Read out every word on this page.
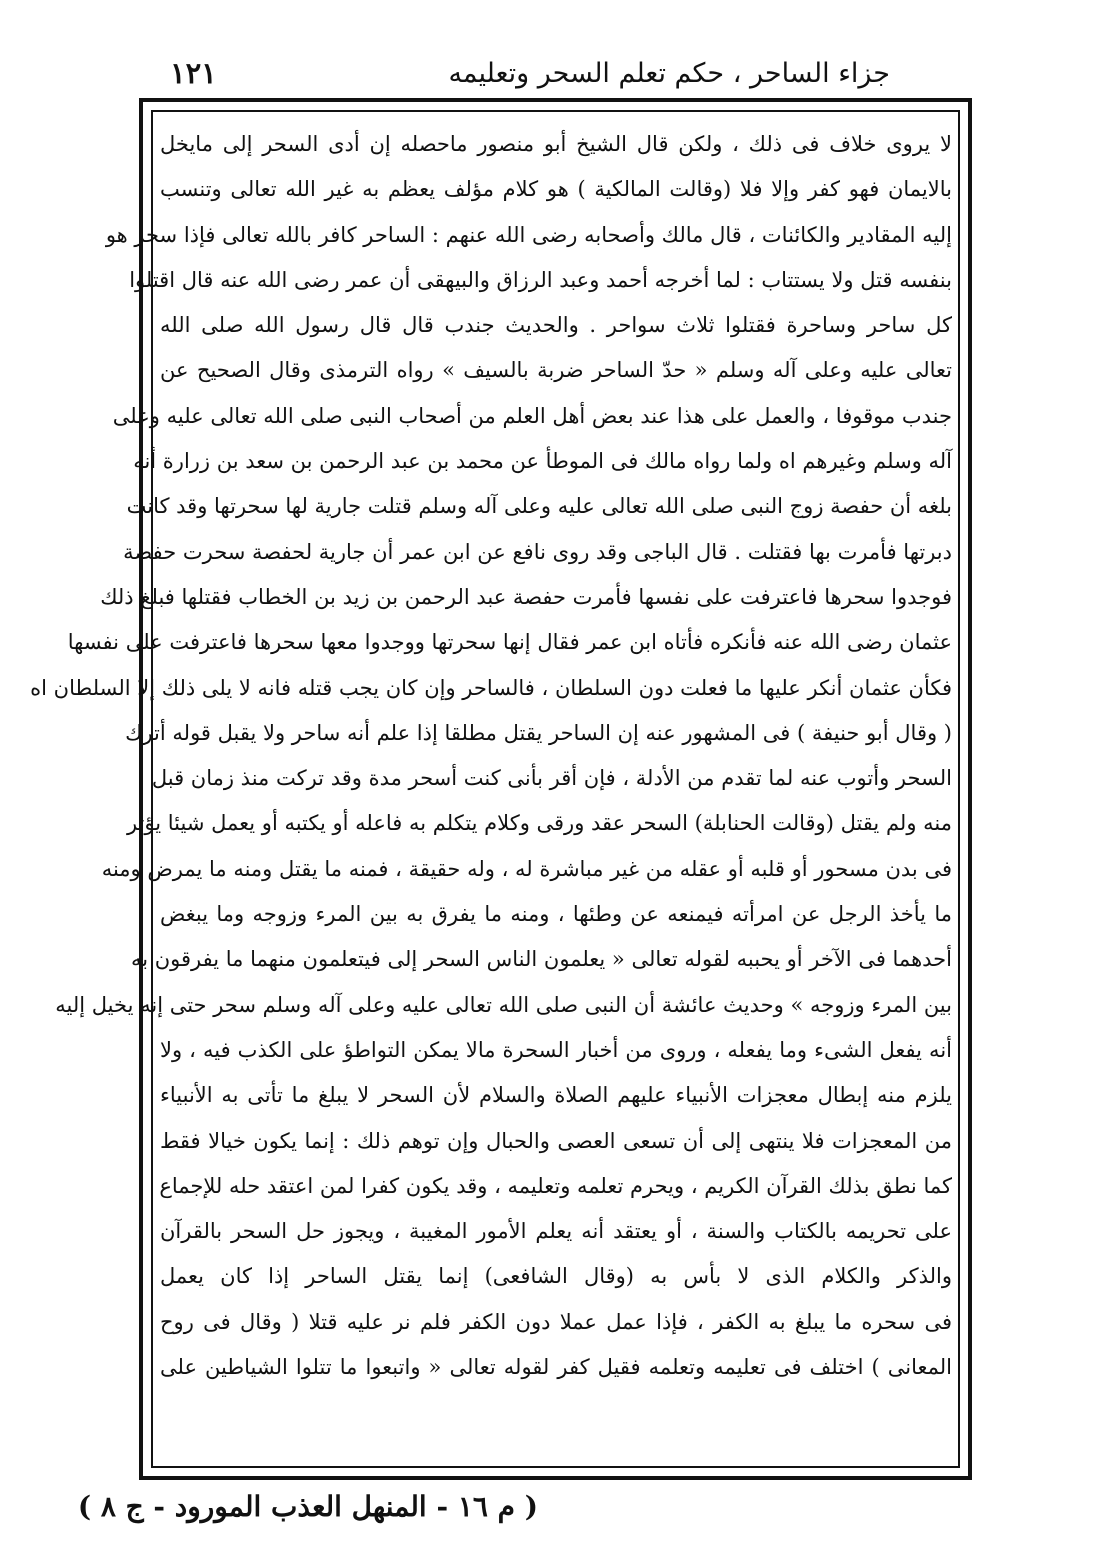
جزاء الساحر ، حكم تعلم السحر وتعليمه
١٢١
لا يروى خلاف فى ذلك ، ولكن قال الشيخ أبو منصور ماحصله إن أدى السحر إلى مايخل
بالايمان فهو كفر وإلا فلا (وقالت المالكية ) هو كلام مؤلف يعظم به غير الله تعالى وتنسب
إليه المقادير والكائنات ، قال مالك وأصحابه رضى الله عنهم : الساحر كافر بالله تعالى فإذا سحر هو
بنفسه قتل ولا يستتاب : لما أخرجه أحمد وعبد الرزاق والبيهقى أن عمر رضى الله عنه قال اقتلوا
كل ساحر وساحرة فقتلوا ثلاث سواحر . والحديث جندب قال قال رسول الله صلى الله
تعالى عليه وعلى آله وسلم « حدّ الساحر ضربة بالسيف » رواه الترمذى وقال الصحيح عن
جندب موقوفا ، والعمل على هذا عند بعض أهل العلم من أصحاب النبى صلى الله تعالى عليه وعلى
آله وسلم وغيرهم اه ولما رواه مالك فى الموطأ عن محمد بن عبد الرحمن بن سعد بن زرارة أنه
بلغه أن حفصة زوج النبى صلى الله تعالى عليه وعلى آله وسلم قتلت جارية لها سحرتها وقد كانت
دبرتها فأمرت بها فقتلت . قال الباجى وقد روى نافع عن ابن عمر أن جارية لحفصة سحرت حفصة
فوجدوا سحرها فاعترفت على نفسها فأمرت حفصة عبد الرحمن بن زيد بن الخطاب فقتلها فبلغ ذلك
عثمان رضى الله عنه فأنكره فأتاه ابن عمر فقال إنها سحرتها ووجدوا معها سحرها فاعترفت على نفسها
فكأن عثمان أنكر عليها ما فعلت دون السلطان ، فالساحر وإن كان يجب قتله فانه لا يلى ذلك إلا السلطان اه
( وقال أبو حنيفة ) فى المشهور عنه إن الساحر يقتل مطلقا إذا علم أنه ساحر ولا يقبل قوله أترك
السحر وأتوب عنه لما تقدم من الأدلة ، فإن أقر بأنى كنت أسحر مدة وقد تركت منذ زمان قبل
منه ولم يقتل (وقالت الحنابلة) السحر عقد ورقى وكلام يتكلم به فاعله أو يكتبه أو يعمل شيئا يؤثر
فى بدن مسحور أو قلبه أو عقله من غير مباشرة له ، وله حقيقة ، فمنه ما يقتل ومنه ما يمرض ومنه
ما يأخذ الرجل عن امرأته فيمنعه عن وطئها ، ومنه ما يفرق به بين المرء وزوجه وما يبغض
أحدهما فى الآخر أو يحببه لقوله تعالى « يعلمون الناس السحر إلى فيتعلمون منهما ما يفرقون به
بين المرء وزوجه » وحديث عائشة أن النبى صلى الله تعالى عليه وعلى آله وسلم سحر حتى إنه يخيل إليه
أنه يفعل الشىء وما يفعله ، وروى من أخبار السحرة مالا يمكن التواطؤ على الكذب فيه ، ولا
يلزم منه إبطال معجزات الأنبياء عليهم الصلاة والسلام لأن السحر لا يبلغ ما تأتى به الأنبياء
من المعجزات فلا ينتهى إلى أن تسعى العصى والحبال وإن توهم ذلك : إنما يكون خيالا فقط
كما نطق بذلك القرآن الكريم ، ويحرم تعلمه وتعليمه ، وقد يكون كفرا لمن اعتقد حله للإجماع
على تحريمه بالكتاب والسنة ، أو يعتقد أنه يعلم الأمور المغيبة ، ويجوز حل السحر بالقرآن
والذكر والكلام الذى لا بأس به (وقال الشافعى) إنما يقتل الساحر إذا كان يعمل
فى سحره ما يبلغ به الكفر ، فإذا عمل عملا دون الكفر فلم نر عليه قتلا ( وقال فى روح
المعانى ) اختلف فى تعليمه وتعلمه فقيل كفر لقوله تعالى « واتبعوا ما تتلوا الشياطين على
( م ١٦ - المنهل العذب المورود - ج ٨ )
